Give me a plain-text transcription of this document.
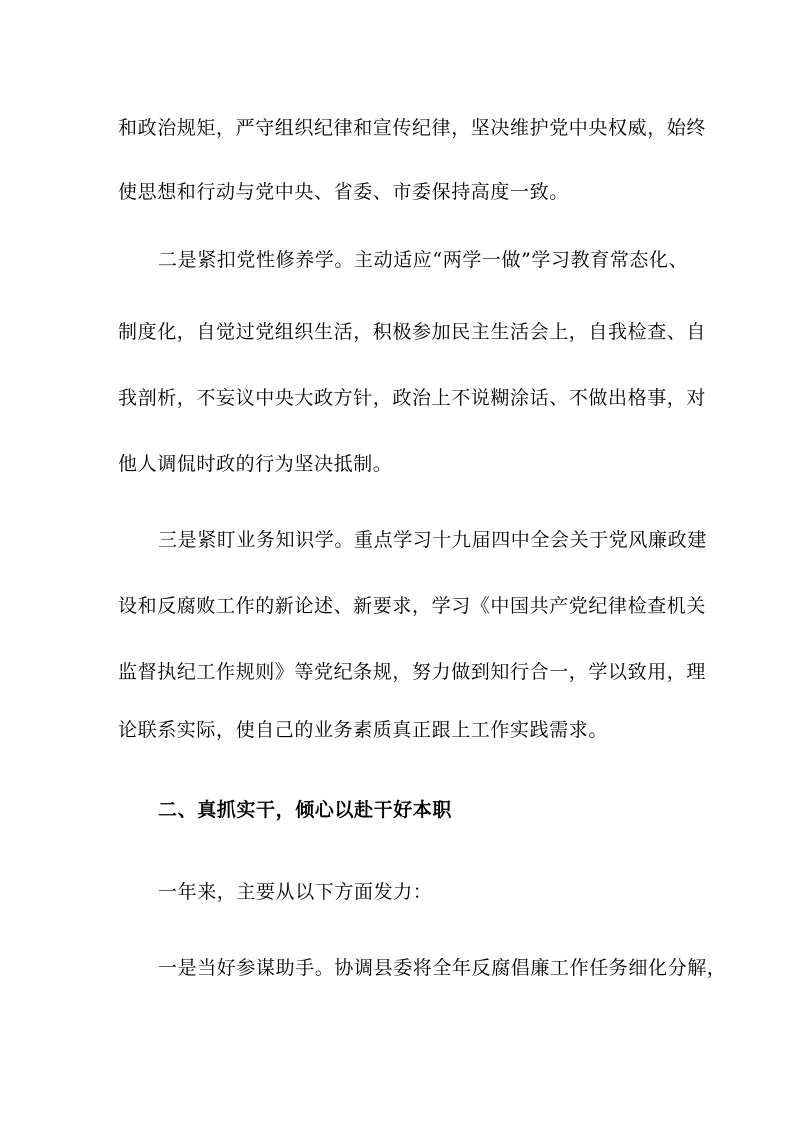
和政治规矩，严守组织纪律和宣传纪律，坚决维护党中央权威，始终
使思想和行动与党中央、省委、市委保持高度一致。
二是紧扣党性修养学。主动适应“两学一做”学习教育常态化、
制度化，自觉过党组织生活，积极参加民主生活会上，自我检查、自
我剖析，不妄议中央大政方针，政治上不说糊涂话、不做出格事，对
他人调侃时政的行为坚决抵制。
三是紧盯业务知识学。重点学习十九届四中全会关于党风廉政建
设和反腐败工作的新论述、新要求，学习《中国共产党纪律检查机关
监督执纪工作规则》等党纪条规，努力做到知行合一，学以致用，理
论联系实际，使自己的业务素质真正跟上工作实践需求。
二、真抓实干，倾心以赴干好本职
一年来，主要从以下方面发力：
一是当好参谋助手。协调县委将全年反腐倡廉工作任务细化分解，
